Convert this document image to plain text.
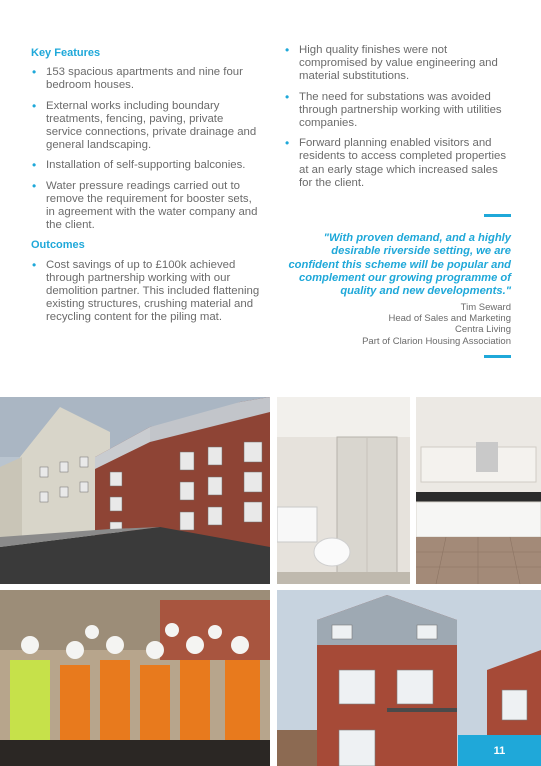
Key Features
• 153 spacious apartments and nine four bedroom houses.
• External works including boundary treatments, fencing, paving, private service connections, private drainage and general landscaping.
• Installation of self-supporting balconies.
• Water pressure readings carried out to remove the requirement for booster sets, in agreement with the water company and the client.
Outcomes
• Cost savings of up to £100k achieved through partnership working with our demolition partner. This included flattening existing structures, crushing material and recycling content for the piling mat.
• High quality finishes were not compromised by value engineering and material substitutions.
• The need for substations was avoided through partnership working with utilities companies.
• Forward planning enabled visitors and residents to access completed properties at an early stage which increased sales for the client.
"With proven demand, and a highly desirable riverside setting, we are confident this scheme will be popular and complement our growing programme of quality and new developments."
Tim Seward
Head of Sales and Marketing
Centra Living
Part of Clarion Housing Association
11
